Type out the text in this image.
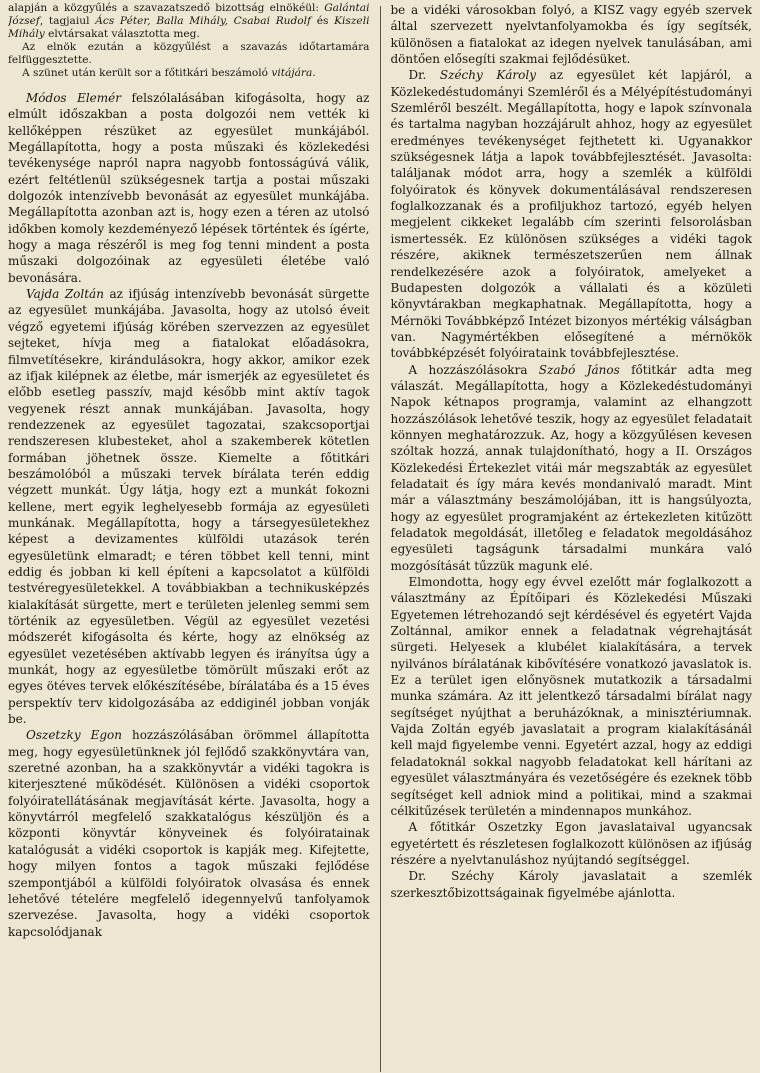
alapján a közgyűlés a szavazatszedő bizottság elnökéül: Galántai József, tagjaiul Ács Péter, Balla Mihály, Csabai Rudolf és Kiszeli Mihály elvtársakat választotta meg.

Az elnök ezután a közgyűlést a szavazás időtartamára felfüggesztette.

A szünet után került sor a főtitkári beszámoló vitájára.

Módos Elemér felszólalásában kifogásolta, hogy az elmúlt időszakban a posta dolgozói nem vették ki kellőképpen részüket az egyesület munkájából. Megállapította, hogy a posta műszaki és közlekedési tevékenysége napról napra nagyobb fontosságúvá válik, ezért feltétlenül szükségesnek tartja a postai műszaki dolgozók intenzívebb bevonását az egyesület munkájába. Megállapította azonban azt is, hogy ezen a téren az utolsó időkben komoly kezdeményező lépések történtek és ígérte, hogy a maga részéről is meg fog tenni mindent a posta műszaki dolgozóinak az egyesületi életébe való bevonására.

Vajda Zoltán az ifjúság intenzívebb bevonását sürgette az egyesület munkájába. Javasolta, hogy az utolsó éveit végző egyetemi ifjúság körében szervezzen az egyesület sejteket, hívja meg a fiatalokat előadásokra, filmvetítésekre, kirándulásokra, hogy akkor, amikor ezek az ifjak kilépnek az életbe, már ismerjék az egyesületet és előbb esetleg passzív, majd később mint aktív tagok vegyenek részt annak munkájában. Javasolta, hogy rendezzenek az egyesület tagozatai, szakcsoportjai rendszeresen klubesteket, ahol a szakemberek kötetlen formában jöhetnek össze. Kiemelte a főtitkári beszámolóból a műszaki tervek bírálata terén eddig végzett munkát. Úgy látja, hogy ezt a munkát fokozni kellene, mert egyik leghelyesebb formája az egyesületi munkának. Megállapította, hogy a társegyesületekhez képest a devizamentes külföldi utazások terén egyesületünk elmaradt; e téren többet kell tenni, mint eddig és jobban ki kell építeni a kapcsolatot a külföldi testvéregyesületekkel. A továbbiakban a technikusképzés kialakítását sürgette, mert e területen jelenleg semmi sem történik az egyesületben. Végül az egyesület vezetési módszerét kifogásolta és kérte, hogy az elnökség az egyesület vezetésében aktívabb legyen és irányítsa úgy a munkát, hogy az egyesületbe tömörült műszaki erőt az egyes ötéves tervek előkészítésébe, bírálatába és a 15 éves perspektív terv kidolgozásába az eddiginél jobban vonják be.

Oszetzky Egon hozzászólásában örömmel állapította meg, hogy egyesületünknek jól fejlődő szakkönyvtára van, szeretné azonban, ha a szakkönyvtár a vidéki tagokra is kiterjesztené működését. Különösen a vidéki csoportok folyóiratellátásának megjavítását kérte. Javasolta, hogy a könyvtárról megfelelő szakkatalógus készüljön és a központi könyvtár könyveinek és folyóiratainak katalógusát a vidéki csoportok is kapják meg. Kifejtette, hogy milyen fontos a tagok műszaki fejlődése szempontjából a külföldi folyóiratok olvasása és ennek lehetővé tételére megfelelő idegennyelvű tanfolyamok szervezése. Javasolta, hogy a vidéki csoportok kapcsolódjanak

be a vidéki városokban folyó, a KISZ vagy egyéb szervek által szervezett nyelvtanfolyamokba és így segítsék, különösen a fiatalokat az idegen nyelvek tanulásában, ami döntően elősegíti szakmai fejlődésüket.

Dr. Széchy Károly az egyesület két lapjáról, a Közlekedéstudományi Szemléről és a Mélyépítéstudományi Szemléről beszélt. Megállapította, hogy e lapok színvonala és tartalma nagyban hozzájárult ahhoz, hogy az egyesület eredményes tevékenységet fejthetett ki. Ugyanakkor szükségesnek látja a lapok továbbfejlesztését. Javasolta: találjanak módot arra, hogy a szemlék a külföldi folyóiratok és könyvek dokumentálásával rendszeresen foglalkozzanak és a profiljukhoz tartozó, egyéb helyen megjelent cikkeket legalább cím szerinti felsorolásban ismertessék. Ez különösen szükséges a vidéki tagok részére, akiknek természetszerűen nem állnak rendelkezésére azok a folyóiratok, amelyeket a Budapesten dolgozók a vállalati és a közületi könyvtárakban megkaphatnak. Megállapította, hogy a Mérnöki Továbbképző Intézet bizonyos mértékig válságban van. Nagymértékben elősegítené a mérnökök továbbképzését folyóirataink továbbfejlesztése.

A hozzászólásokra Szabó János főtitkár adta meg válaszát. Megállapította, hogy a Közlekedéstudományi Napok kétnapos programja, valamint az elhangzott hozzászólások lehetővé teszik, hogy az egyesület feladatait könnyen meghatározzuk. Az, hogy a közgyűlésen kevesen szóltak hozzá, annak tulajdonítható, hogy a II. Országos Közlekedési Értekezlet vitái már megszabták az egyesület feladatait és így mára kevés mondanivaló maradt. Mint már a választmány beszámolójában, itt is hangsúlyozta, hogy az egyesület programjaként az értekezleten kitűzött feladatok megoldását, illetőleg e feladatok megoldásához egyesületi tagságunk társadalmi munkára való mozgósítását tűzzük magunk elé.

Elmondotta, hogy egy évvel ezelőtt már foglalkozott a választmány az Építőipari és Közlekedési Műszaki Egyetemen létrehozandó sejt kérdésével és egyetért Vajda Zoltánnal, amikor ennek a feladatnak végrehajtását sürgeti. Helyesek a klubélet kialakítására, a tervek nyilvános bírálatának kibővítésére vonatkozó javaslatok is. Ez a terület igen előnyösnek mutatkozik a társadalmi munka számára. Az itt jelentkező társadalmi bírálat nagy segítséget nyújthat a beruházóknak, a minisztériumnak. Vajda Zoltán egyéb javaslatait a program kialakításánál kell majd figyelembe venni. Egyetért azzal, hogy az eddigi feladatoknál sokkal nagyobb feladatokat kell hárítani az egyesület választmányára és vezetőségére és ezeknek több segítséget kell adniok mind a politikai, mind a szakmai célkitűzések területén a mindennapos munkához.

A főtitkár Oszetzky Egon javaslataival ugyancsak egyetértett és részletesen foglalkozott különösen az ifjúság részére a nyelvtanuláshoz nyújtandó segítséggel.

Dr. Széchy Károly javaslatait a szemlék szerkesztőbizottságainak figyelmébe ajánlotta.
